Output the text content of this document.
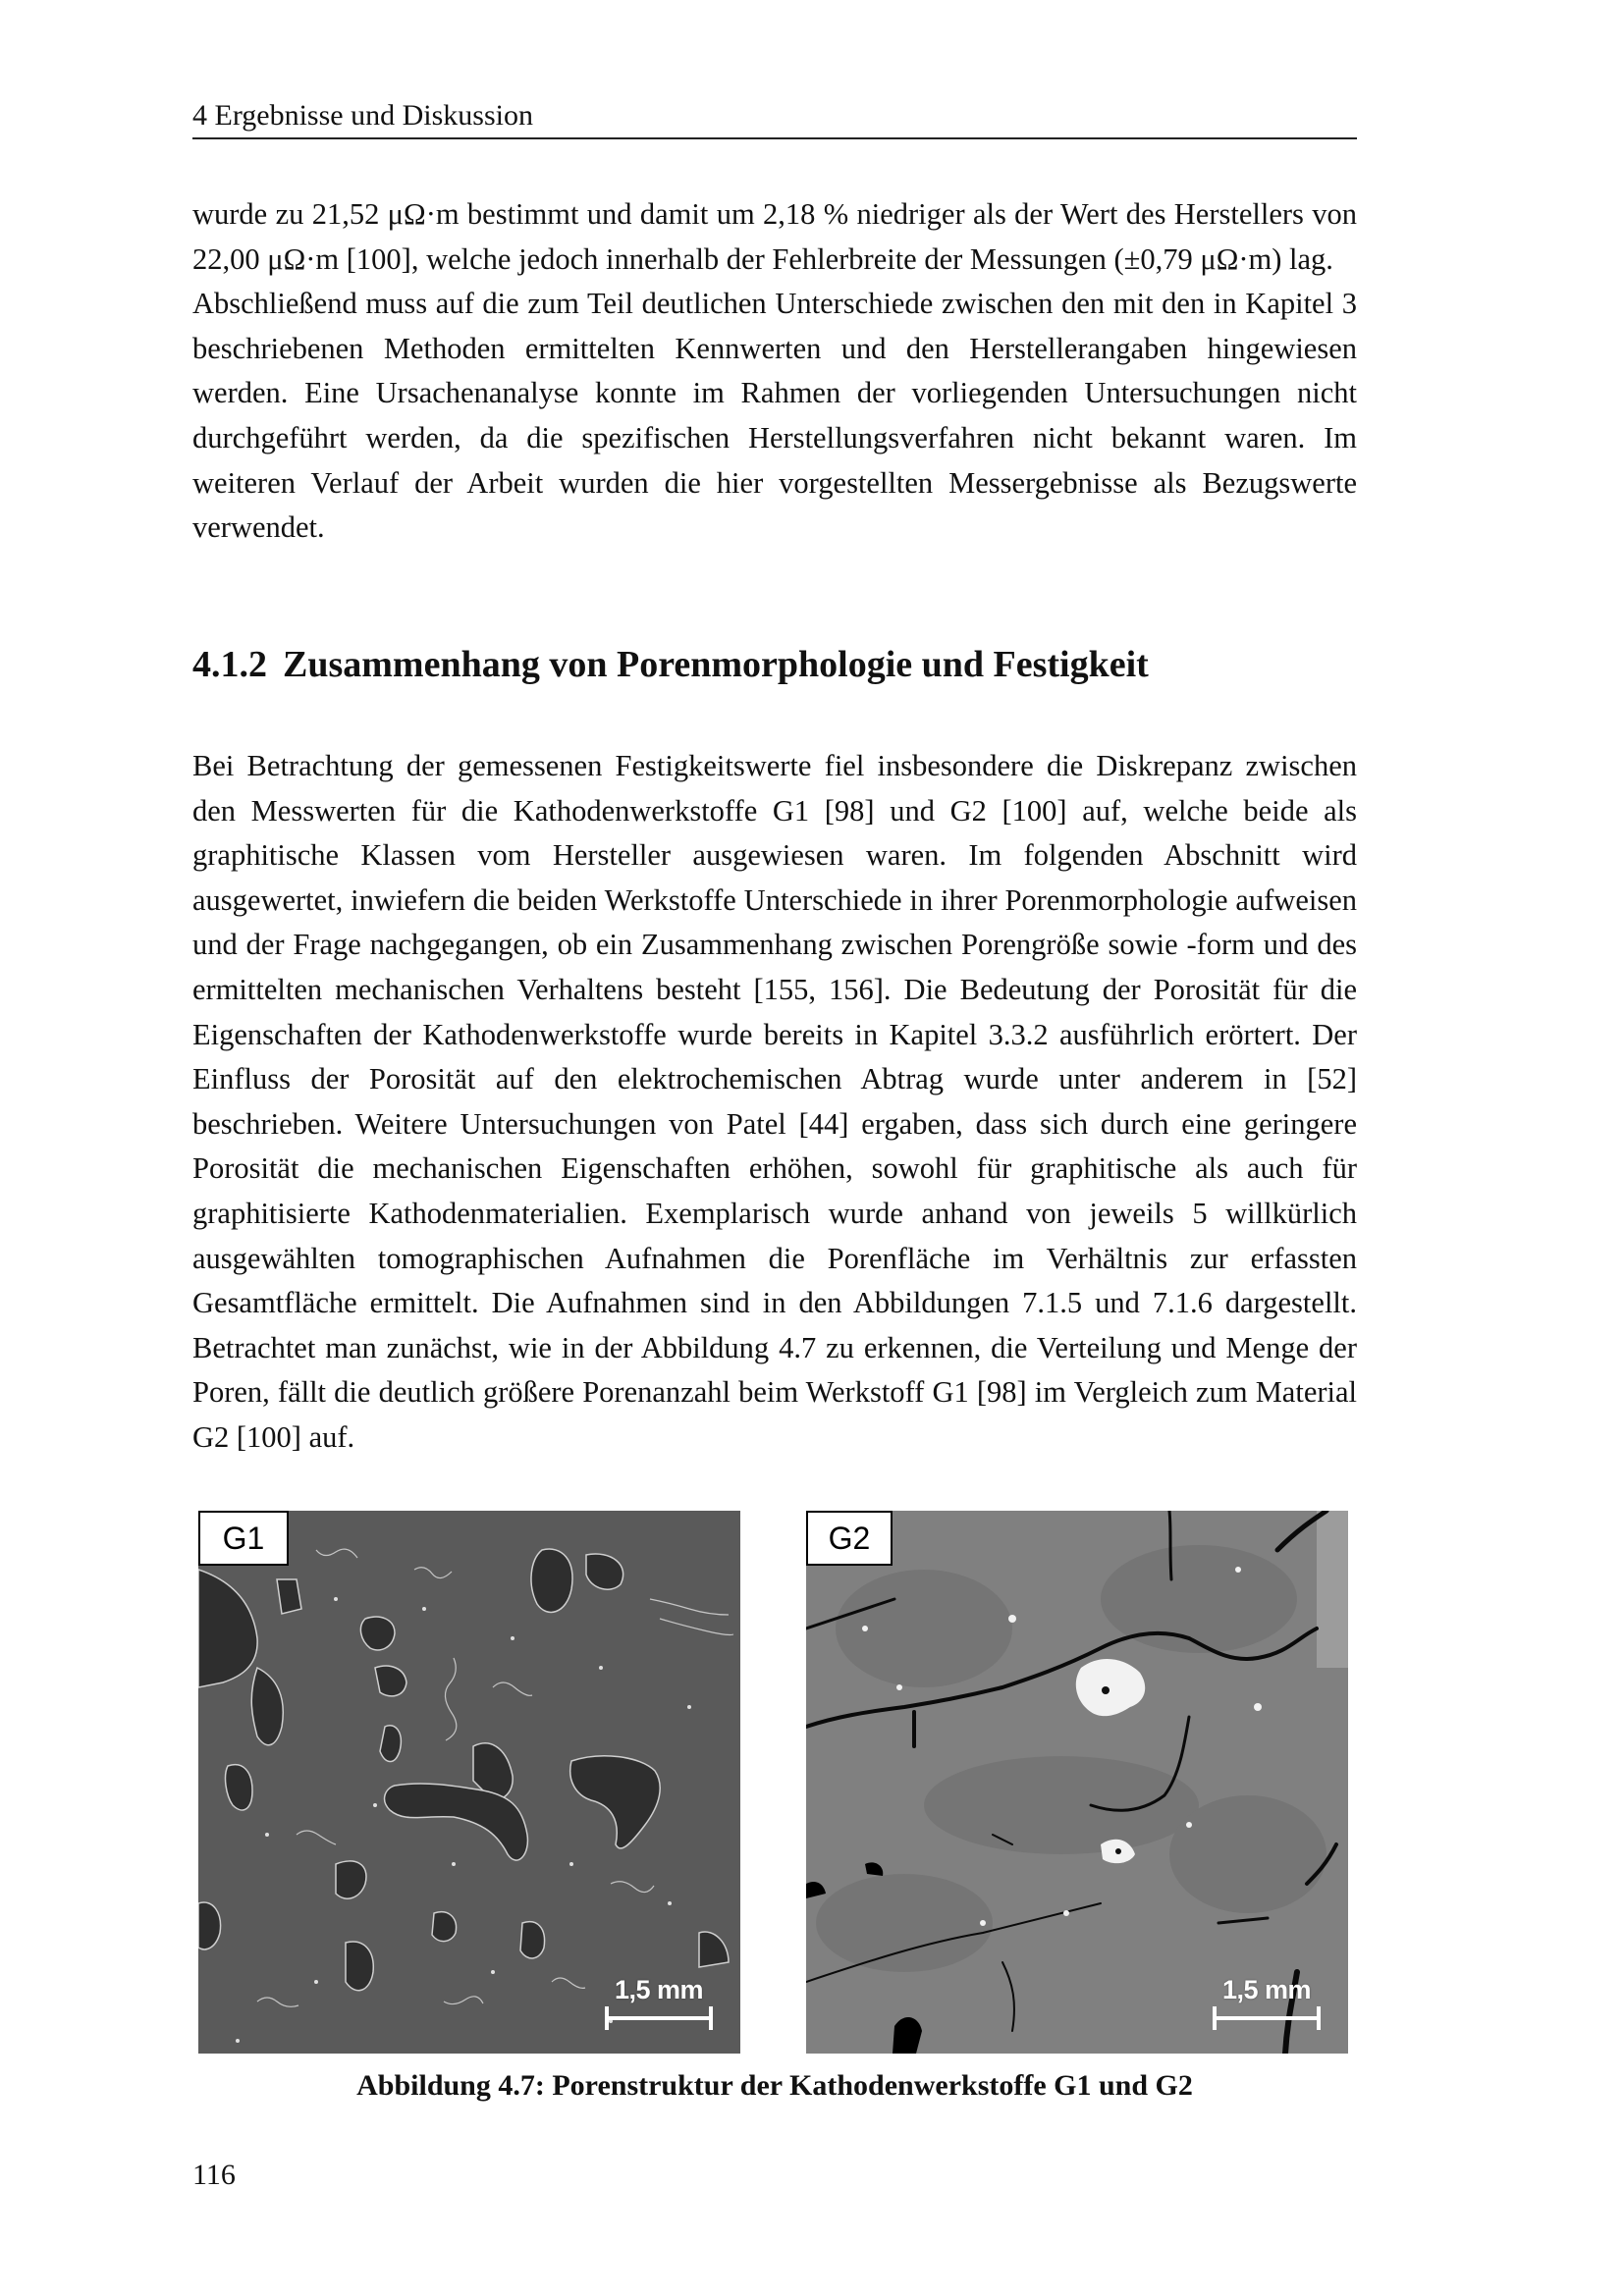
4 Ergebnisse und Diskussion

wurde zu 21,52 μΩ·m bestimmt und damit um 2,18 % niedriger als der Wert des Herstellers von 22,00 μΩ·m [100], welche jedoch innerhalb der Fehlerbreite der Messungen (±0,79 μΩ·m) lag.

Abschließend muss auf die zum Teil deutlichen Unterschiede zwischen den mit den in Kapitel 3 beschriebenen Methoden ermittelten Kennwerten und den Herstellerangaben hingewiesen werden. Eine Ursachenanalyse konnte im Rahmen der vorliegenden Untersuchungen nicht durchgeführt werden, da die spezifischen Herstellungsverfahren nicht bekannt waren. Im weiteren Verlauf der Arbeit wurden die hier vorgestellten Messergebnisse als Bezugswerte verwendet.

4.1.2 Zusammenhang von Porenmorphologie und Festigkeit

Bei Betrachtung der gemessenen Festigkeitswerte fiel insbesondere die Diskrepanz zwischen den Messwerten für die Kathodenwerkstoffe G1 [98] und G2 [100] auf, welche beide als graphitische Klassen vom Hersteller ausgewiesen waren. Im folgenden Abschnitt wird ausgewertet, inwiefern die beiden Werkstoffe Unterschiede in ihrer Porenmorphologie aufweisen und der Frage nachgegangen, ob ein Zusammenhang zwischen Porengröße sowie -form und des ermittelten mechanischen Verhaltens besteht [155, 156]. Die Bedeutung der Porosität für die Eigenschaften der Kathodenwerkstoffe wurde bereits in Kapitel 3.3.2 ausführlich erörtert. Der Einfluss der Porosität auf den elektrochemischen Abtrag wurde unter anderem in [52] beschrieben. Weitere Untersuchungen von Patel [44] ergaben, dass sich durch eine geringere Porosität die mechanischen Eigenschaften erhöhen, sowohl für graphitische als auch für graphitisierte Kathodenmaterialien. Exemplarisch wurde anhand von jeweils 5 willkürlich ausgewählten tomographischen Aufnahmen die Porenfläche im Verhältnis zur erfassten Gesamtfläche ermittelt. Die Aufnahmen sind in den Abbildungen 7.1.5 und 7.1.6 dargestellt. Betrachtet man zunächst, wie in der Abbildung 4.7 zu erkennen, die Verteilung und Menge der Poren, fällt die deutlich größere Porenanzahl beim Werkstoff G1 [98] im Vergleich zum Material G2 [100] auf.

G1
1,5 mm
G2
1,5 mm
Abbildung 4.7: Porenstruktur der Kathodenwerkstoffe G1 und G2
116
